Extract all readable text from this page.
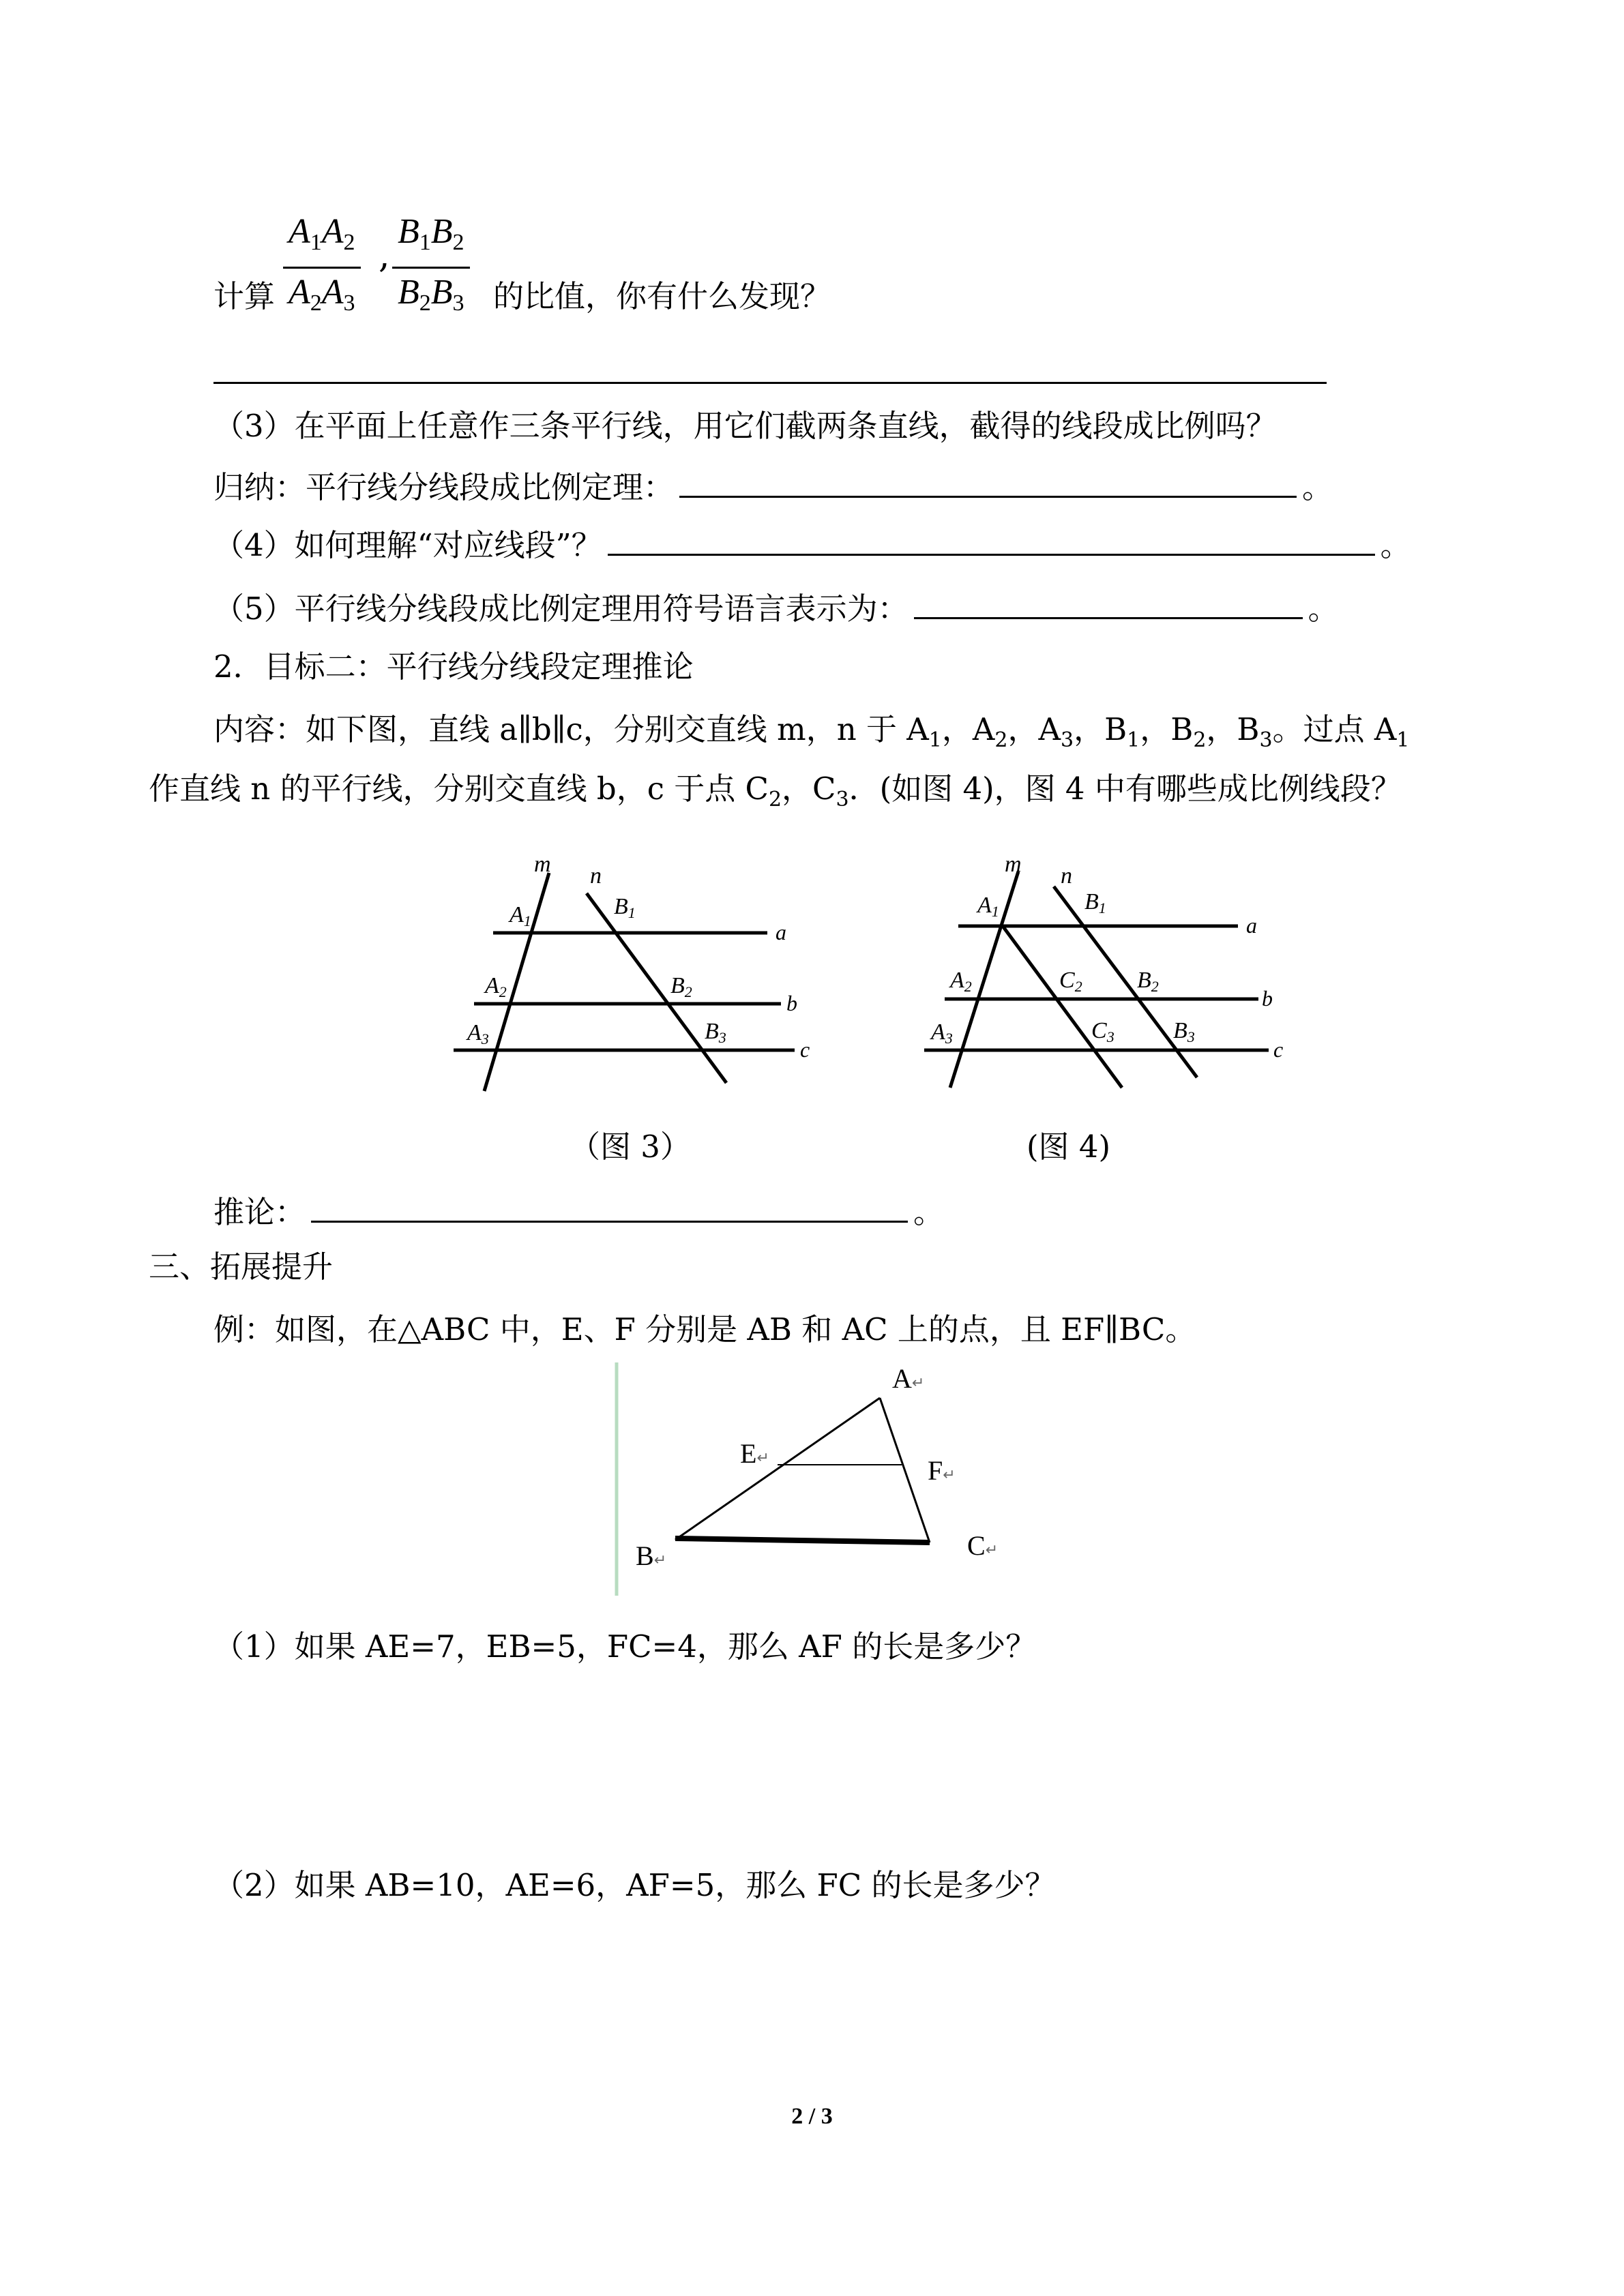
计算 $\frac{A_1A_2}{A_2A_3}$ , $\frac{B_1B_2}{B_2B_3}$ 的比值，你有什么发现？
（3）在平面上任意作三条平行线，用它们截两条直线，截得的线段成比例吗？
归纳：平行线分线段成比例定理：	。
（4）如何理解“对应线段”？	。
（5）平行线分线段成比例定理用符号语言表示为：	。
2．目标二：平行线分线段定理推论
内容：如下图，直线 a∥b∥c，分别交直线 m，n 于 $A_1$，$A_2$，$A_3$，$B_1$，$B_2$，$B_3$。过点 $A_1$
作直线 n 的平行线，分别交直线 b，c 于点 $C_2$，$C_3$．(如图 4)，图 4 中有哪些成比例线段？
m n
A1
A2
A3
B1
B2
B3
a
b
c
（图 3）
m n
A1
A2
A3
B1
C2 B2
C3	B3
a
b
c
(图 4)
推论：	。
三、拓展提升
例：如图，在△ABC 中，E、F 分别是 AB 和 AC 上的点，且 EF∥BC。
A↵
E↵	F↵
B↵	C↵
（1）如果 AE=7，EB=5，FC=4，那么 AF 的长是多少？
（2）如果 AB=10，AE=6，AF=5，那么 FC 的长是多少？
2 / 3
